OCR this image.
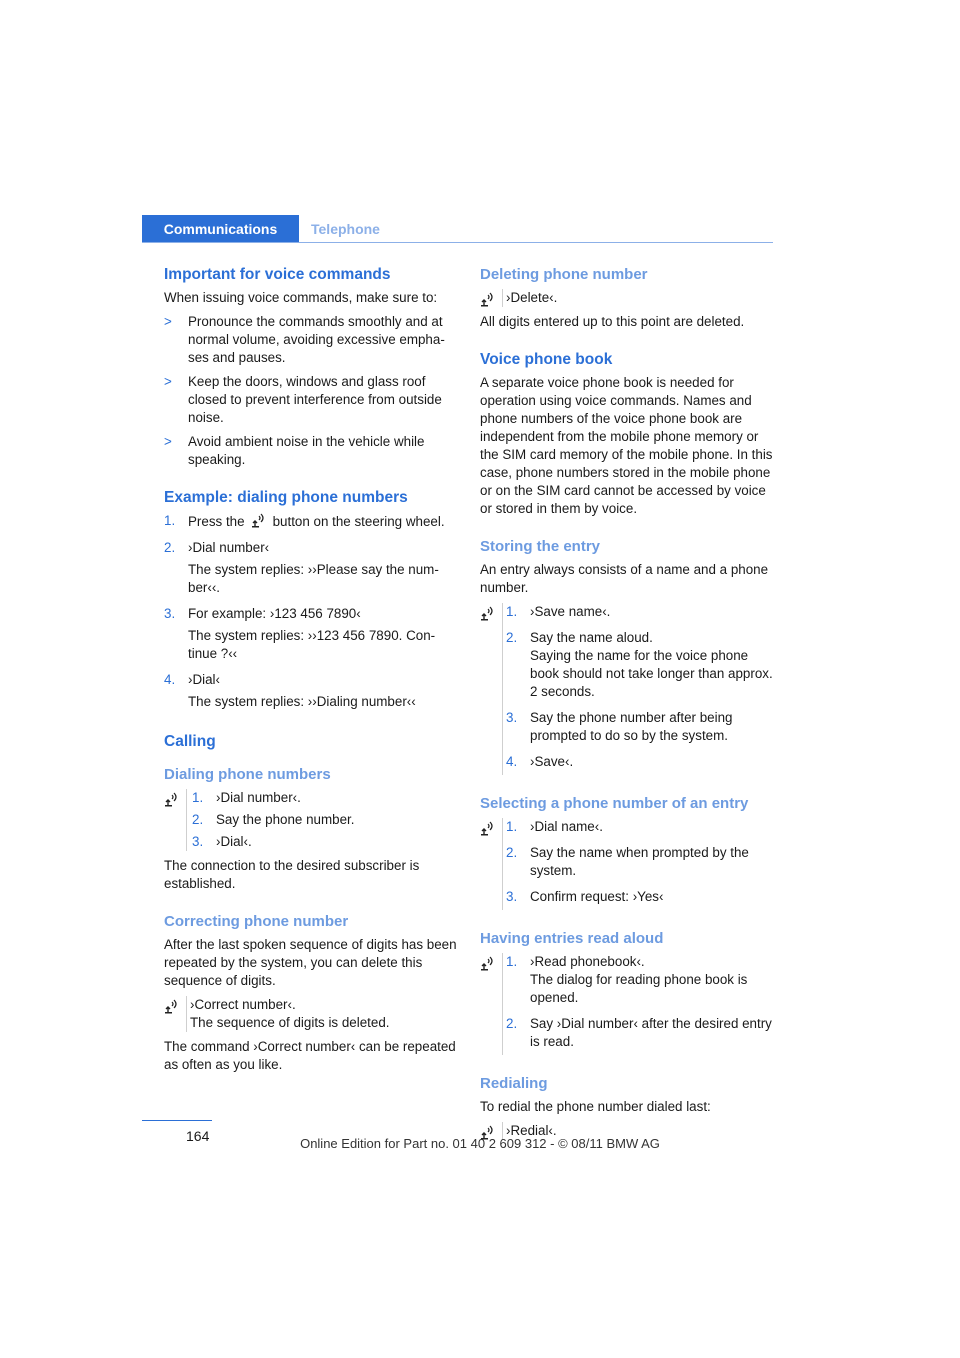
Communications	Telephone
Important for voice commands

When issuing voice commands, make sure to:

>	Pronounce the commands smoothly and at normal volume, avoiding excessive empha-ses and pauses.
>	Keep the doors, windows and glass roof closed to prevent interference from outside noise.
>	Avoid ambient noise in the vehicle while speaking.
Example: dialing phone numbers
1. Press the button on the steering wheel.
2. ›Dial number‹
The system replies: ››Please say the num-ber‹‹.
3. For example: ›123 456 7890‹
The system replies: ››123 456 7890. Con-tinue ?‹‹
4. ›Dial‹
The system replies: ››Dialing number‹‹
Calling
Dialing phone numbers
1. ›Dial number‹.
2. Say the phone number.
3. ›Dial‹.

The connection to the desired subscriber is established.

Correcting phone number

After the last spoken sequence of digits has been repeated by the system, you can delete this sequence of digits.

›Correct number‹.
The sequence of digits is deleted.

The command ›Correct number‹ can be repeated as often as you like.

Deleting phone number
›Delete‹.

All digits entered up to this point are deleted.

Voice phone book

A separate voice phone book is needed for operation using voice commands. Names and phone numbers of the voice phone book are independent from the mobile phone memory or the SIM card memory of the mobile phone. In this case, phone numbers stored in the mobile phone or on the SIM card cannot be accessed by voice or stored in them by voice.

Storing the entry

An entry always consists of a name and a phone number.

1. ›Save name‹.
2. Say the name aloud.
Saying the name for the voice phone book should not take longer than approx. 2 seconds.
3. Say the phone number after being prompted to do so by the system.
4. ›Save‹.
Selecting a phone number of an entry
1. ›Dial name‹.
2. Say the name when prompted by the system.
3. Confirm request: ›Yes‹
Having entries read aloud
1. ›Read phonebook‹.
The dialog for reading phone book is opened.
2. Say ›Dial number‹ after the desired entry is read.
Redialing

To redial the phone number dialed last:

›Redial‹.
164	Online Edition for Part no. 01 40 2 609 312 - © 08/11 BMW AG
